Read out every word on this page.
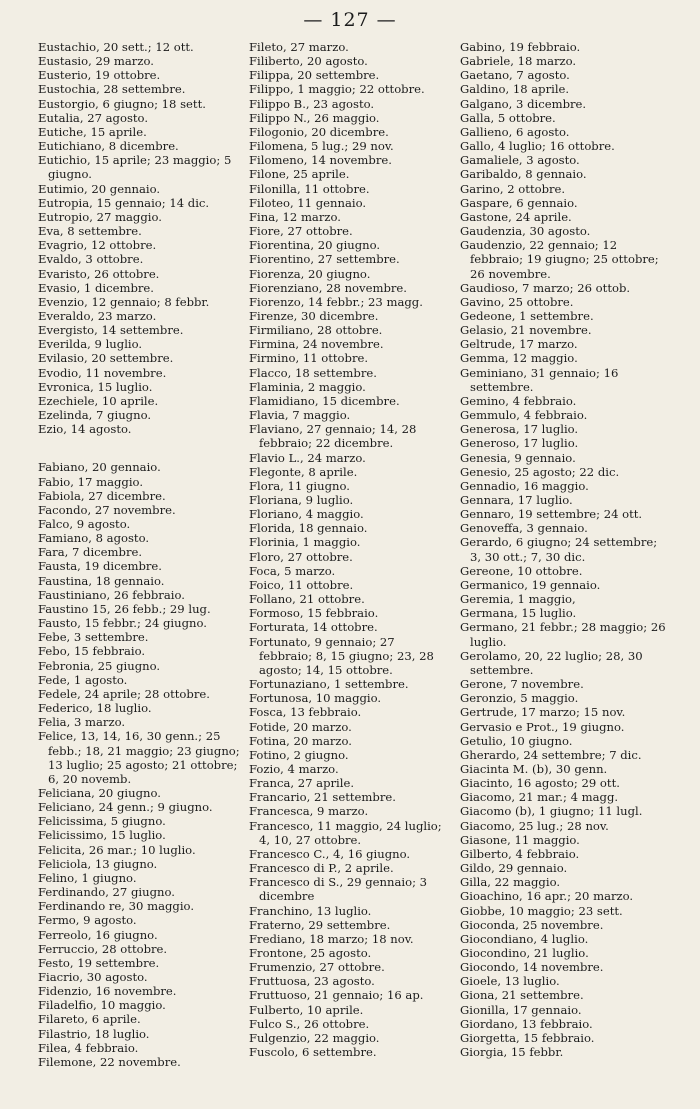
— 127 —
Eustachio, 20 sett.; 12 ott.
Eustasio, 29 marzo.
Eusterio, 19 ottobre.
Eustochia, 28 settembre.
Eustorgio, 6 giugno; 18 sett.
Eutalia, 27 agosto.
Eutiche, 15 aprile.
Eutichiano, 8 dicembre.
Eutichio, 15 aprile; 23 maggio; 5 giugno.
Eutimio, 20 gennaio.
Eutropia, 15 gennaio; 14 dic.
Eutropio, 27 maggio.
Eva, 8 settembre.
Evagrio, 12 ottobre.
Evaldo, 3 ottobre.
Evaristo, 26 ottobre.
Evasio, 1 dicembre.
Evenzio, 12 gennaio; 8 febbr.
Everaldo, 23 marzo.
Evergisto, 14 settembre.
Everilda, 9 luglio.
Evilasio, 20 settembre.
Evodio, 11 novembre.
Evronica, 15 luglio.
Ezechiele, 10 aprile.
Ezelinda, 7 giugno.
Ezio, 14 agosto.
Fabiano, 20 gennaio.
Fabio, 17 maggio.
Fabiola, 27 dicembre.
Facondo, 27 novembre.
Falco, 9 agosto.
Famiano, 8 agosto.
Fara, 7 dicembre.
Fausta, 19 dicembre.
Faustina, 18 gennaio.
Faustiniano, 26 febbraio.
Faustino 15, 26 febb.; 29 lug.
Fausto, 15 febbr.; 24 giugno.
Febe, 3 settembre.
Febo, 15 febbraio.
Febronia, 25 giugno.
Fede, 1 agosto.
Fedele, 24 aprile; 28 ottobre.
Federico, 18 luglio.
Felia, 3 marzo.
Felice, 13, 14, 16, 30 genn.; 25 febb.; 18, 21 maggio; 23 giugno; 13 luglio; 25 agosto; 21 ottobre; 6, 20 novemb.
Feliciana, 20 giugno.
Feliciano, 24 genn.; 9 giugno.
Felicissima, 5 giugno.
Felicissimo, 15 luglio.
Felicita, 26 mar.; 10 luglio.
Feliciola, 13 giugno.
Felino, 1 giugno.
Ferdinando, 27 giugno.
Ferdinando re, 30 maggio.
Fermo, 9 agosto.
Ferreolo, 16 giugno.
Ferruccio, 28 ottobre.
Festo, 19 settembre.
Fiacrio, 30 agosto.
Fidenzio, 16 novembre.
Filadelfio, 10 maggio.
Filareto, 6 aprile.
Filastrio, 18 luglio.
Filea, 4 febbraio.
Filemone, 22 novembre.
Fileto, 27 marzo.
Filiberto, 20 agosto.
Filippa, 20 settembre.
Filippo, 1 maggio; 22 ottobre.
Filippo B., 23 agosto.
Filippo N., 26 maggio.
Filogonio, 20 dicembre.
Filomena, 5 lug.; 29 nov.
Filomeno, 14 novembre.
Filone, 25 aprile.
Filonilla, 11 ottobre.
Filoteo, 11 gennaio.
Fina, 12 marzo.
Fiore, 27 ottobre.
Fiorentina, 20 giugno.
Fiorentino, 27 settembre.
Fiorenza, 20 giugno.
Fiorenziano, 28 novembre.
Fiorenzo, 14 febbr.; 23 magg.
Firenze, 30 dicembre.
Firmiliano, 28 ottobre.
Firmina, 24 novembre.
Firmino, 11 ottobre.
Flacco, 18 settembre.
Flaminia, 2 maggio.
Flamidiano, 15 dicembre.
Flavia, 7 maggio.
Flaviano, 27 gennaio; 14, 28 febbraio; 22 dicembre.
Flavio L., 24 marzo.
Flegonte, 8 aprile.
Flora, 11 giugno.
Floriana, 9 luglio.
Floriano, 4 maggio.
Florida, 18 gennaio.
Florinia, 1 maggio.
Floro, 27 ottobre.
Foca, 5 marzo.
Foico, 11 ottobre.
Follano, 21 ottobre.
Formoso, 15 febbraio.
Forturata, 14 ottobre.
Fortunato, 9 gennaio; 27 febbraio; 8, 15 giugno; 23, 28 agosto; 14, 15 ottobre.
Fortunaziano, 1 settembre.
Fortunosa, 10 maggio.
Fosca, 13 febbraio.
Fotide, 20 marzo.
Fotina, 20 marzo.
Fotino, 2 giugno.
Fozio, 4 marzo.
Franca, 27 aprile.
Francario, 21 settembre.
Francesca, 9 marzo.
Francesco, 11 maggio, 24 luglio; 4, 10, 27 ottobre.
Francesco C., 4, 16 giugno.
Francesco di P., 2 aprile.
Francesco di S., 29 gennaio; 3 dicembre
Franchino, 13 luglio.
Fraterno, 29 settembre.
Frediano, 18 marzo; 18 nov.
Frontone, 25 agosto.
Frumenzio, 27 ottobre.
Fruttuosa, 23 agosto.
Fruttuoso, 21 gennaio; 16 ap.
Fulberto, 10 aprile.
Fulco S., 26 ottobre.
Fulgenzio, 22 maggio.
Fuscolo, 6 settembre.
Gabino, 19 febbraio.
Gabriele, 18 marzo.
Gaetano, 7 agosto.
Galdino, 18 aprile.
Galgano, 3 dicembre.
Galla, 5 ottobre.
Gallieno, 6 agosto.
Gallo, 4 luglio; 16 ottobre.
Gamaliele, 3 agosto.
Garibaldo, 8 gennaio.
Garino, 2 ottobre.
Gaspare, 6 gennaio.
Gastone, 24 aprile.
Gaudenzia, 30 agosto.
Gaudenzio, 22 gennaio; 12 febbraio; 19 giugno; 25 ottobre; 26 novembre.
Gaudioso, 7 marzo; 26 ottob.
Gavino, 25 ottobre.
Gedeone, 1 settembre.
Gelasio, 21 novembre.
Geltrude, 17 marzo.
Gemma, 12 maggio.
Geminiano, 31 gennaio; 16 settembre.
Gemino, 4 febbraio.
Gemmulo, 4 febbraio.
Generosa, 17 luglio.
Generoso, 17 luglio.
Genesia, 9 gennaio.
Genesio, 25 agosto; 22 dic.
Gennadio, 16 maggio.
Gennara, 17 luglio.
Gennaro, 19 settembre; 24 ott.
Genoveffa, 3 gennaio.
Gerardo, 6 giugno; 24 settembre; 3, 30 ott.; 7, 30 dic.
Gereone, 10 ottobre.
Germanico, 19 gennaio.
Geremia, 1 maggio,
Germana, 15 luglio.
Germano, 21 febbr.; 28 maggio; 26 luglio.
Gerolamo, 20, 22 luglio; 28, 30 settembre.
Gerone, 7 novembre.
Geronzio, 5 maggio.
Gertrude, 17 marzo; 15 nov.
Gervasio e Prot., 19 giugno.
Getulio, 10 giugno.
Gherardo, 24 settembre; 7 dic.
Giacinta M. (b), 30 genn.
Giacinto, 16 agosto; 29 ott.
Giacomo, 21 mar.; 4 magg.
Giacomo (b), 1 giugno; 11 lugl.
Giacomo, 25 lug.; 28 nov.
Giasone, 11 maggio.
Gilberto, 4 febbraio.
Gildo, 29 gennaio.
Gilla, 22 maggio.
Gioachino, 16 apr.; 20 marzo.
Giobbe, 10 maggio; 23 sett.
Gioconda, 25 novembre.
Giocondiano, 4 luglio.
Giocondino, 21 luglio.
Giocondo, 14 novembre.
Gioele, 13 luglio.
Giona, 21 settembre.
Gionilla, 17 gennaio.
Giordano, 13 febbraio.
Giorgetta, 15 febbraio.
Giorgia, 15 febbr.
